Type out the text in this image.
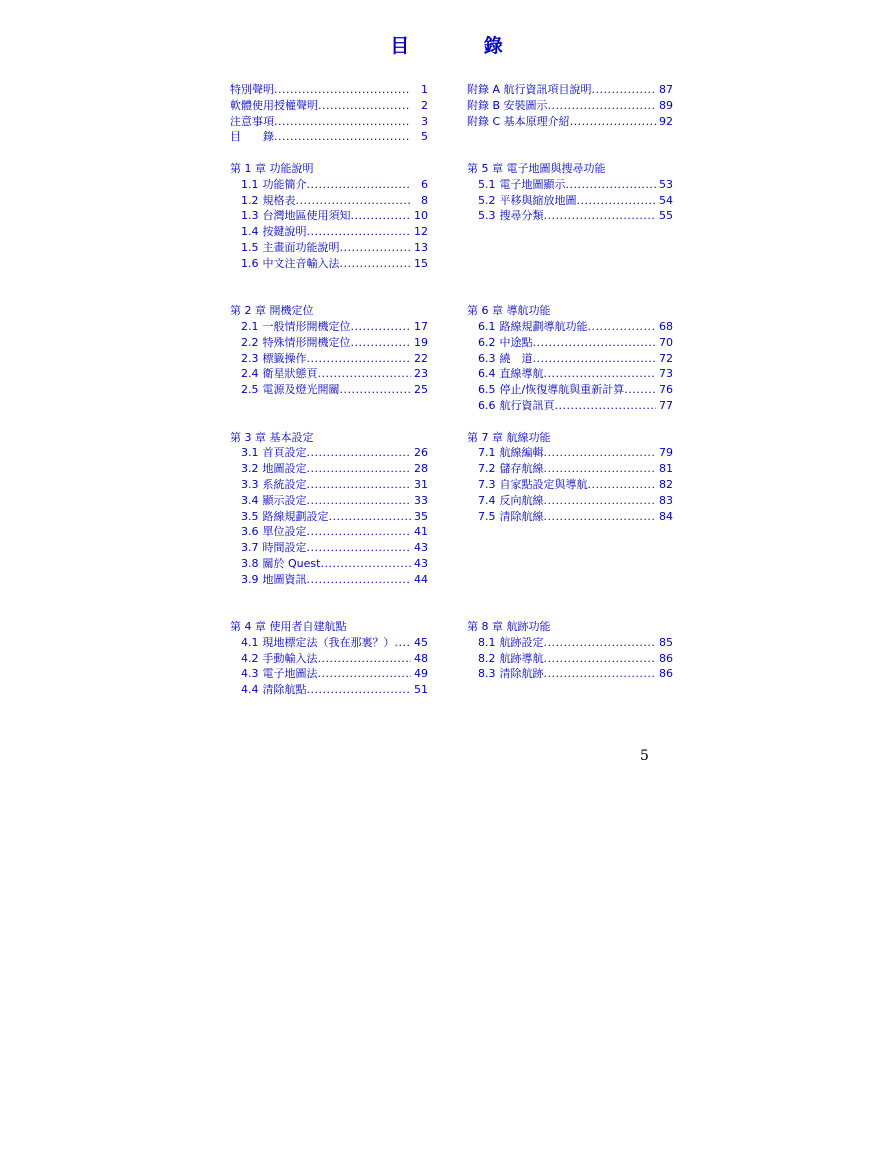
目 錄
特別聲明 .....	1
軟體使用授權聲明 .....	2
注意事項 .....	3
目　　錄 .....	5
第 1 章 功能說明
1.1 功能簡介 .....	6
1.2 規格表 .....	8
1.3 台灣地區使用須知 .....	10
1.4 按鍵說明 .....	12
1.5 主畫面功能說明 .....	13
1.6 中文注音輸入法 .....	15
第 2 章 開機定位
2.1 一般情形開機定位 .....	17
2.2 特殊情形開機定位 .....	19
2.3 標籤操作 .....	22
2.4 衛星狀態頁 .....	23
2.5 電源及燈光開關 .....	25
第 3 章 基本設定
3.1 首頁設定 .....	26
3.2 地圖設定 .....	28
3.3 系統設定 .....	31
3.4 顯示設定 .....	33
3.5 路線規劃設定 .....	35
3.6 單位設定 .....	41
3.7 時間設定 .....	43
3.8 關於 Quest .....	43
3.9 地圖資訊 .....	44
第 4 章 使用者自建航點
4.1 現地標定法（我在那裏？） ..... 45
4.2 手動輸入法 .....	48
4.3 電子地圖法 .....	49
4.4 清除航點 .....	51
附錄 A 航行資訊項目說明 .....	87
附錄 B 安裝圖示 .....	89
附錄 C 基本原理介紹 .....	92
第 5 章 電子地圖與搜尋功能
5.1 電子地圖顯示 .....	53
5.2 平移與縮放地圖 .....	54
5.3 搜尋分類 .....	55
第 6 章 導航功能
6.1 路線規劃導航功能 .....	68
6.2 中途點 .....	70
6.3 繞　道 .....	72
6.4 直線導航 .....	73
6.5 停止/恢復導航與重新計算 .....	76
6.6 航行資訊頁 .....	77
第 7 章 航線功能
7.1 航線編輯 .....	79
7.2 儲存航線 .....	81
7.3 自家點設定與導航 .....	82
7.4 反向航線 .....	83
7.5 清除航線 .....	84
第 8 章 航跡功能
8.1 航跡設定 .....	85
8.2 航跡導航 .....	86
8.3 清除航跡 .....	86
5
